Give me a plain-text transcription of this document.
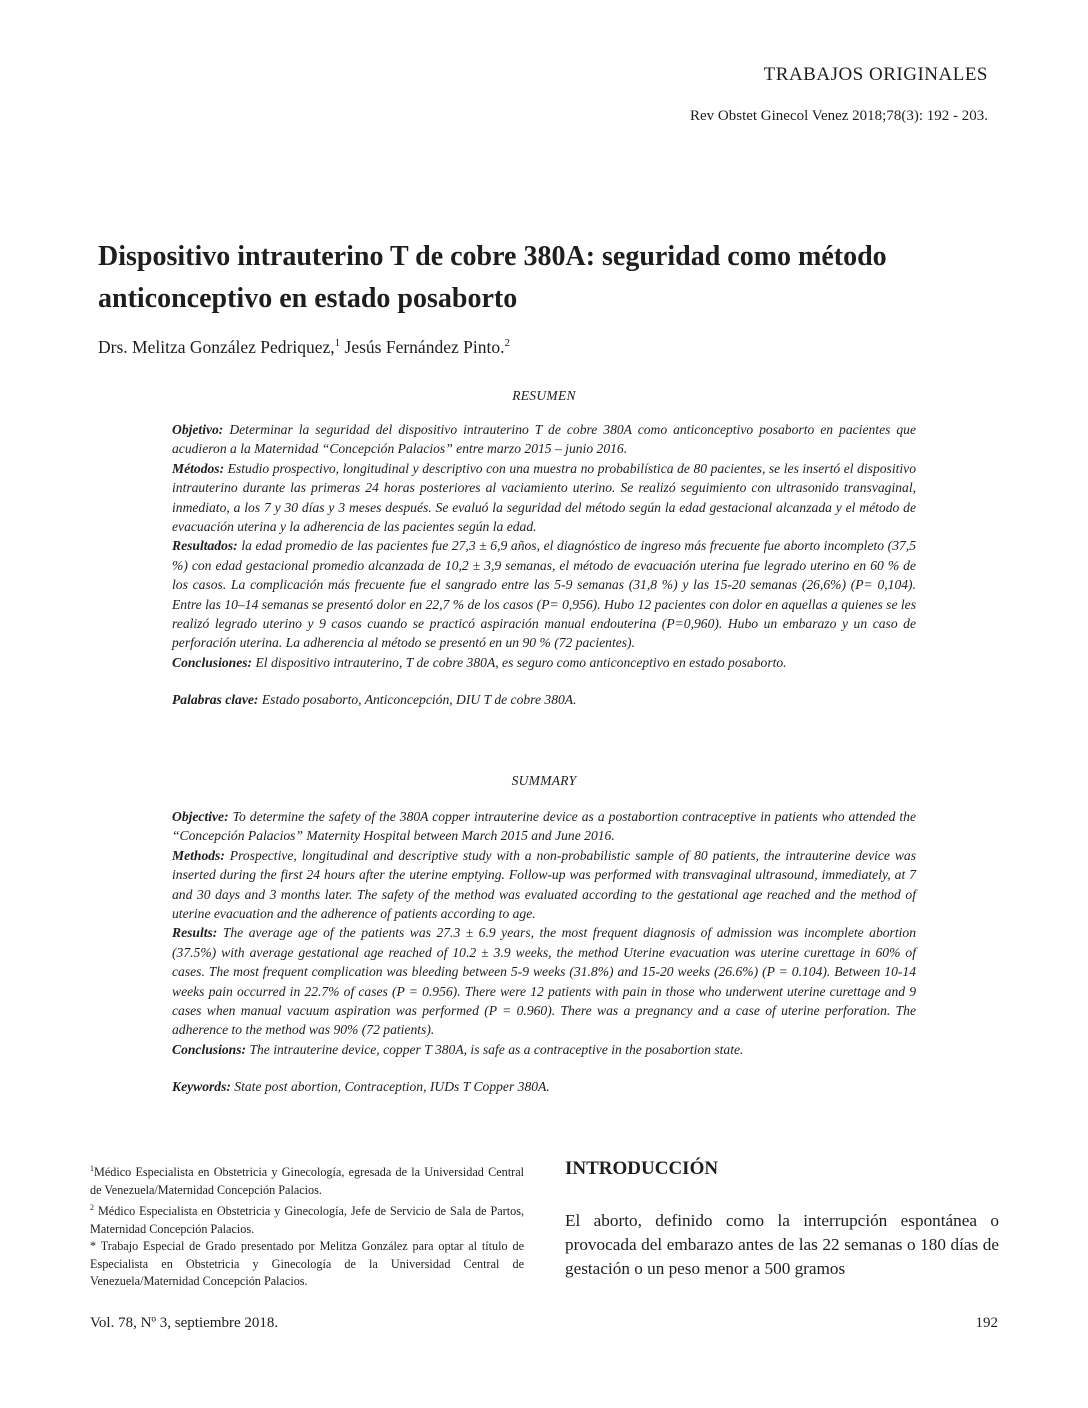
TRABAJOS ORIGINALES
Rev Obstet Ginecol Venez 2018;78(3): 192 - 203.
Dispositivo intrauterino T de cobre 380A: seguridad como método anticonceptivo en estado posaborto
Drs. Melitza González Pedriquez,$^1$ Jesús Fernández Pinto.$^2$
RESUMEN

Objetivo: Determinar la seguridad del dispositivo intrauterino T de cobre 380A como anticonceptivo posaborto en pacientes que acudieron a la Maternidad “Concepción Palacios” entre marzo 2015 – junio 2016.

Métodos: Estudio prospectivo, longitudinal y descriptivo con una muestra no probabilística de 80 pacientes, se les insertó el dispositivo intrauterino durante las primeras 24 horas posteriores al vaciamiento uterino. Se realizó seguimiento con ultrasonido transvaginal, inmediato, a los 7 y 30 días y 3 meses después. Se evaluó la seguridad del método según la edad gestacional alcanzada y el método de evacuación uterina y la adherencia de las pacientes según la edad.

Resultados: la edad promedio de las pacientes fue 27,3 ± 6,9 años, el diagnóstico de ingreso más frecuente fue aborto incompleto (37,5 %) con edad gestacional promedio alcanzada de 10,2 ± 3,9 semanas, el método de evacuación uterina fue legrado uterino en 60 % de los casos. La complicación más frecuente fue el sangrado entre las 5-9 semanas (31,8 %) y las 15-20 semanas (26,6%) (P= 0,104). Entre las 10–14 semanas se presentó dolor en 22,7 % de los casos (P= 0,956). Hubo 12 pacientes con dolor en aquellas a quienes se les realizó legrado uterino y 9 casos cuando se practicó aspiración manual endouterina (P=0,960). Hubo un embarazo y un caso de perforación uterina. La adherencia al método se presentó en un 90 % (72 pacientes).

Conclusiones: El dispositivo intrauterino, T de cobre 380A, es seguro como anticonceptivo en estado posaborto.

Palabras clave: Estado posaborto, Anticoncepción, DIU T de cobre 380A.

SUMMARY

Objective: To determine the safety of the 380A copper intrauterine device as a postabortion contraceptive in patients who attended the “Concepción Palacios” Maternity Hospital between March 2015 and June 2016.

Methods: Prospective, longitudinal and descriptive study with a non-probabilistic sample of 80 patients, the intrauterine device was inserted during the first 24 hours after the uterine emptying. Follow-up was performed with transvaginal ultrasound, immediately, at 7 and 30 days and 3 months later. The safety of the method was evaluated according to the gestational age reached and the method of uterine evacuation and the adherence of patients according to age.

Results: The average age of the patients was 27.3 ± 6.9 years, the most frequent diagnosis of admission was incomplete abortion (37.5%) with average gestational age reached of 10.2 ± 3.9 weeks, the method Uterine evacuation was uterine curettage in 60% of cases. The most frequent complication was bleeding between 5-9 weeks (31.8%) and 15-20 weeks (26.6%) (P = 0.104). Between 10-14 weeks pain occurred in 22.7% of cases (P = 0.956). There were 12 patients with pain in those who underwent uterine curettage and 9 cases when manual vacuum aspiration was performed (P = 0.960). There was a pregnancy and a case of uterine perforation. The adherence to the method was 90% (72 patients).

Conclusions: The intrauterine device, copper T 380A, is safe as a contraceptive in the posabortion state.

Keywords: State post abortion, Contraception, IUDs T Copper 380A.

$^1$Médico Especialista en Obstetricia y Ginecología, egresada de la Universidad Central de Venezuela/Maternidad Concepción Palacios.

$^2$ Médico Especialista en Obstetricia y Ginecología, Jefe de Servicio de Sala de Partos, Maternidad Concepción Palacios.

* Trabajo Especial de Grado presentado por Melitza González para optar al título de Especialista en Obstetricia y Ginecología de la Universidad Central de Venezuela/Maternidad Concepción Palacios.

INTRODUCCIÓN
El aborto, definido como la interrupción espontánea o provocada del embarazo antes de las 22 semanas o 180 días de gestación o un peso menor a 500 gramos
Vol. 78, Nº 3, septiembre 2018.	192
